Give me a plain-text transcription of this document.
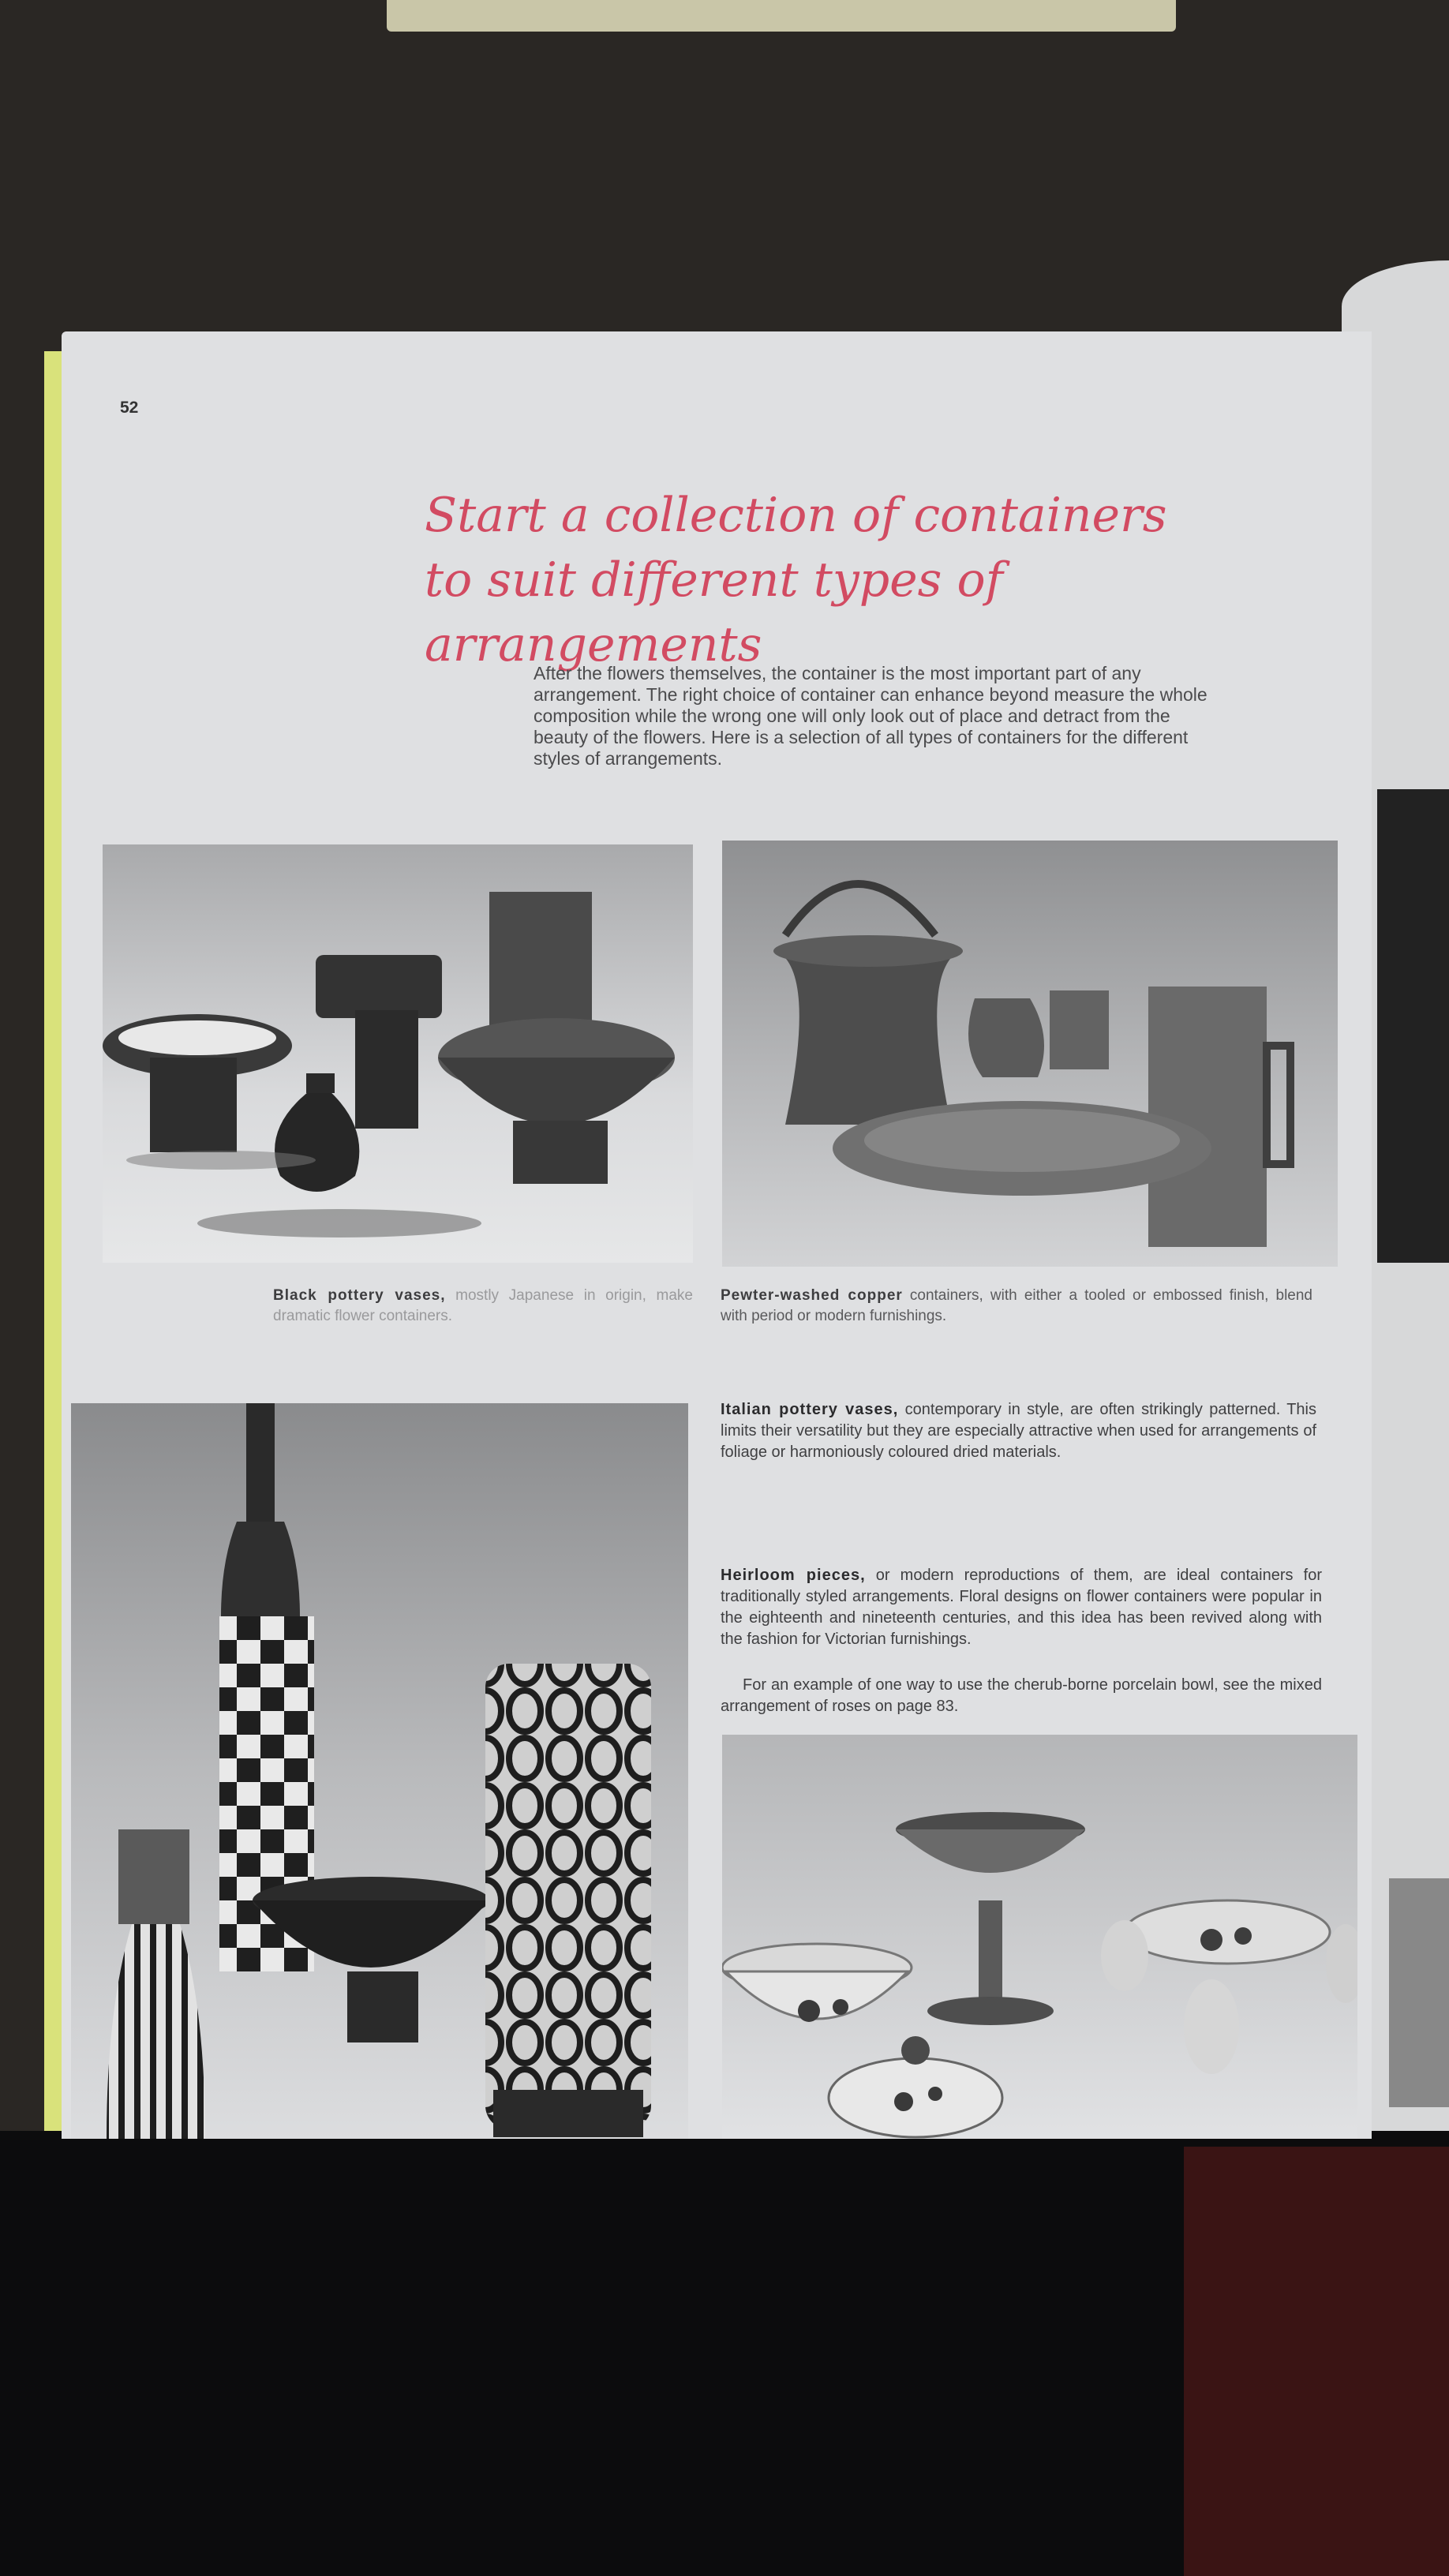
52
Start a collection of containers
to suit different types of arrangements

After the flowers themselves, the container is the most important part of any arrangement. The right choice of container can enhance beyond measure the whole composition while the wrong one will only look out of place and detract from the beauty of the flowers. Here is a selection of all types of containers for the different styles of arrangements.

Black pottery vases, mostly Japanese in origin, make dramatic flower containers.

Pewter-washed copper containers, with either a tooled or embossed finish, blend with period or modern furnishings.

Italian pottery vases, contemporary in style, are often strikingly patterned. This limits their versatility but they are especially attractive when used for arrangements of foliage or harmoniously coloured dried materials.

Heirloom pieces, or modern reproductions of them, are ideal containers for traditionally styled arrangements. Floral designs on flower containers were popular in the eighteenth and nineteenth centuries, and this idea has been revived along with the fashion for Victorian furnishings.

For an example of one way to use the cherub-borne porcelain bowl, see the mixed arrangement of roses on page 83.
